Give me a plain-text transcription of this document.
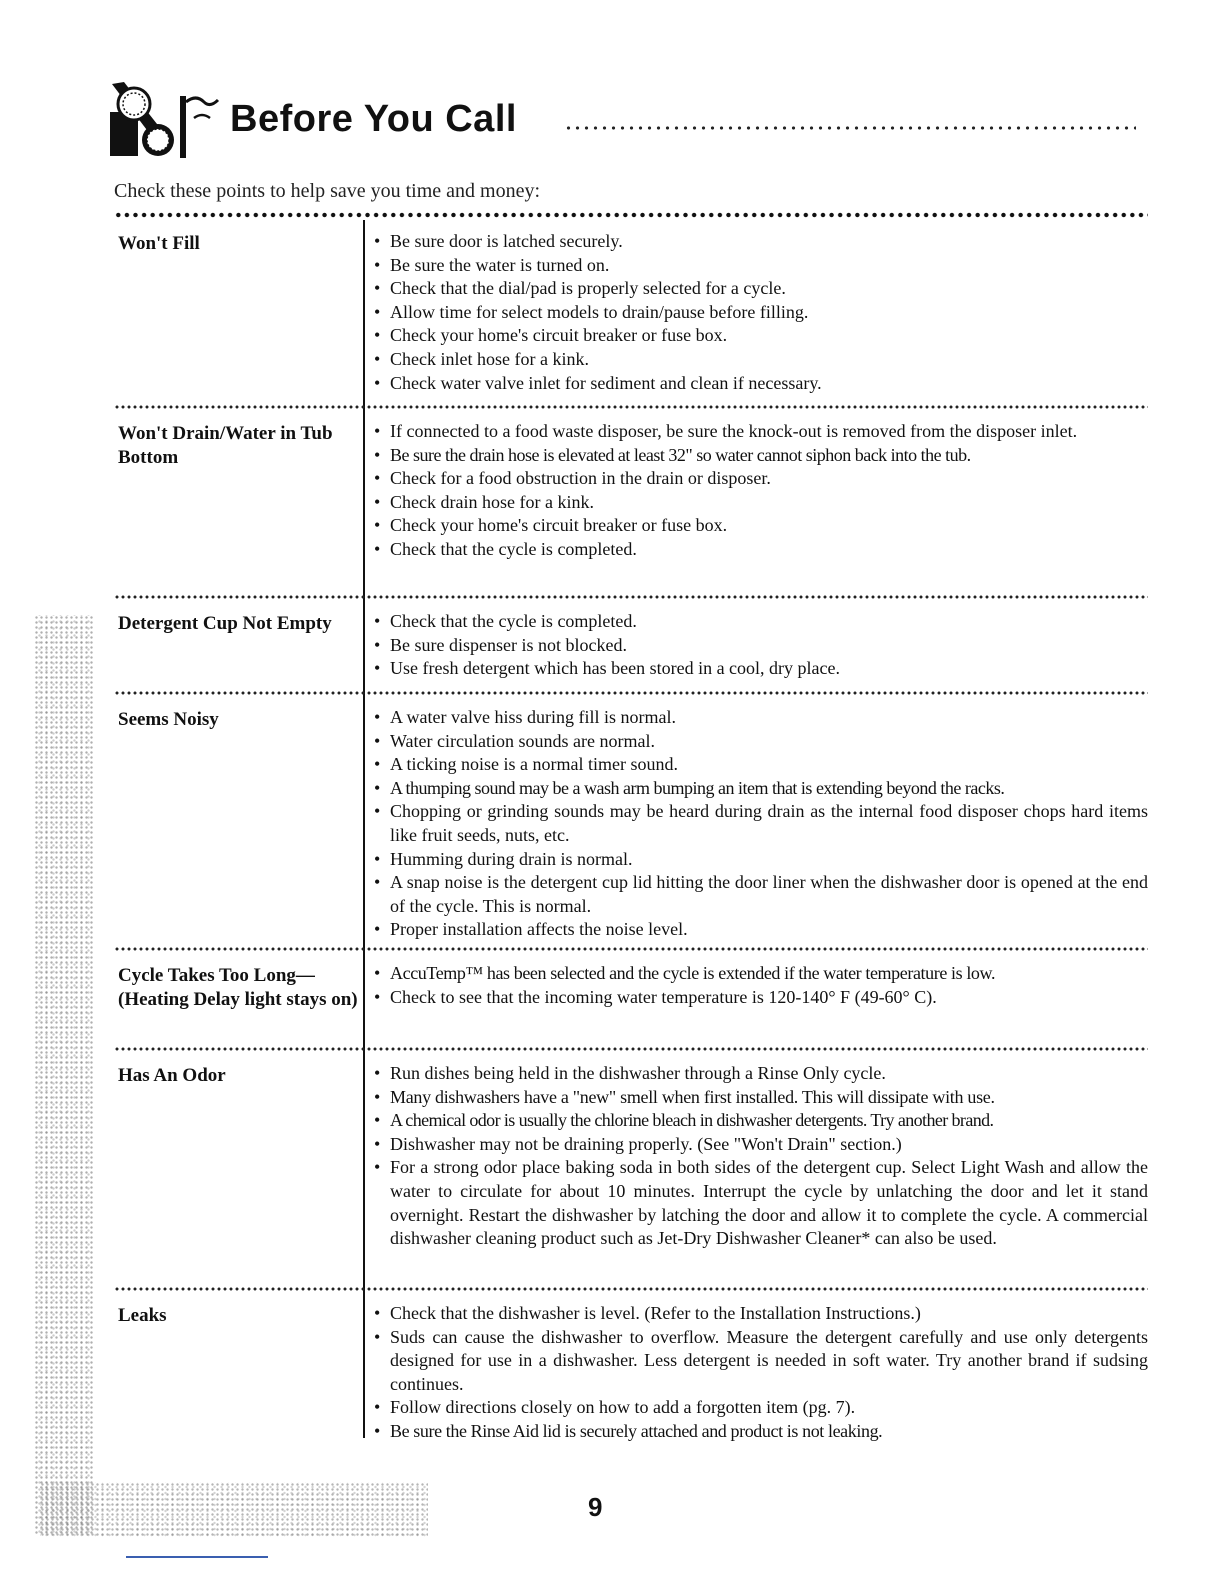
Before You Call
Check these points to help save you time and money:
Won't Fill	• Be sure door is latched securely.
• Be sure the water is turned on.
• Check that the dial/pad is properly selected for a cycle.
• Allow time for select models to drain/pause before filling.
• Check your home's circuit breaker or fuse box.
• Check inlet hose for a kink.
• Check water valve inlet for sediment and clean if necessary.
Won't Drain/Water in Tub Bottom
• If connected to a food waste disposer, be sure the knock-out is removed from the disposer inlet.
• Be sure the drain hose is elevated at least 32" so water cannot siphon back into the tub.
• Check for a food obstruction in the drain or disposer.
• Check drain hose for a kink.
• Check your home's circuit breaker or fuse box.
• Check that the cycle is completed.
Detergent Cup Not Empty	• Check that the cycle is completed.
• Be sure dispenser is not blocked.
• Use fresh detergent which has been stored in a cool, dry place.
Seems Noisy	• A water valve hiss during fill is normal.
• Water circulation sounds are normal.
• A ticking noise is a normal timer sound.
• A thumping sound may be a wash arm bumping an item that is extending beyond the racks.
• Chopping or grinding sounds may be heard during drain as the internal food disposer chops hard items like fruit seeds, nuts, etc.
• Humming during drain is normal.
• A snap noise is the detergent cup lid hitting the door liner when the dishwasher door is opened at the end of the cycle. This is normal.
• Proper installation affects the noise level.
Cycle Takes Too Long—(Heating Delay light stays on)
• AccuTemp™ has been selected and the cycle is extended if the water temperature is low.
• Check to see that the incoming water temperature is 120-140° F (49-60° C).
Has An Odor	• Run dishes being held in the dishwasher through a Rinse Only cycle.
• Many dishwashers have a "new" smell when first installed. This will dissipate with use.
• A chemical odor is usually the chlorine bleach in dishwasher detergents. Try another brand.
• Dishwasher may not be draining properly. (See "Won't Drain" section.)
• For a strong odor place baking soda in both sides of the detergent cup. Select Light Wash and allow the water to circulate for about 10 minutes. Interrupt the cycle by unlatching the door and let it stand overnight. Restart the dishwasher by latching the door and allow it to complete the cycle. A commercial dishwasher cleaning product such as Jet-Dry Dishwasher Cleaner* can also be used.
Leaks	• Check that the dishwasher is level. (Refer to the Installation Instructions.)
• Suds can cause the dishwasher to overflow. Measure the detergent carefully and use only detergents designed for use in a dishwasher. Less detergent is needed in soft water. Try another brand if sudsing continues.
• Follow directions closely on how to add a forgotten item (pg. 7).
• Be sure the Rinse Aid lid is securely attached and product is not leaking.
9
